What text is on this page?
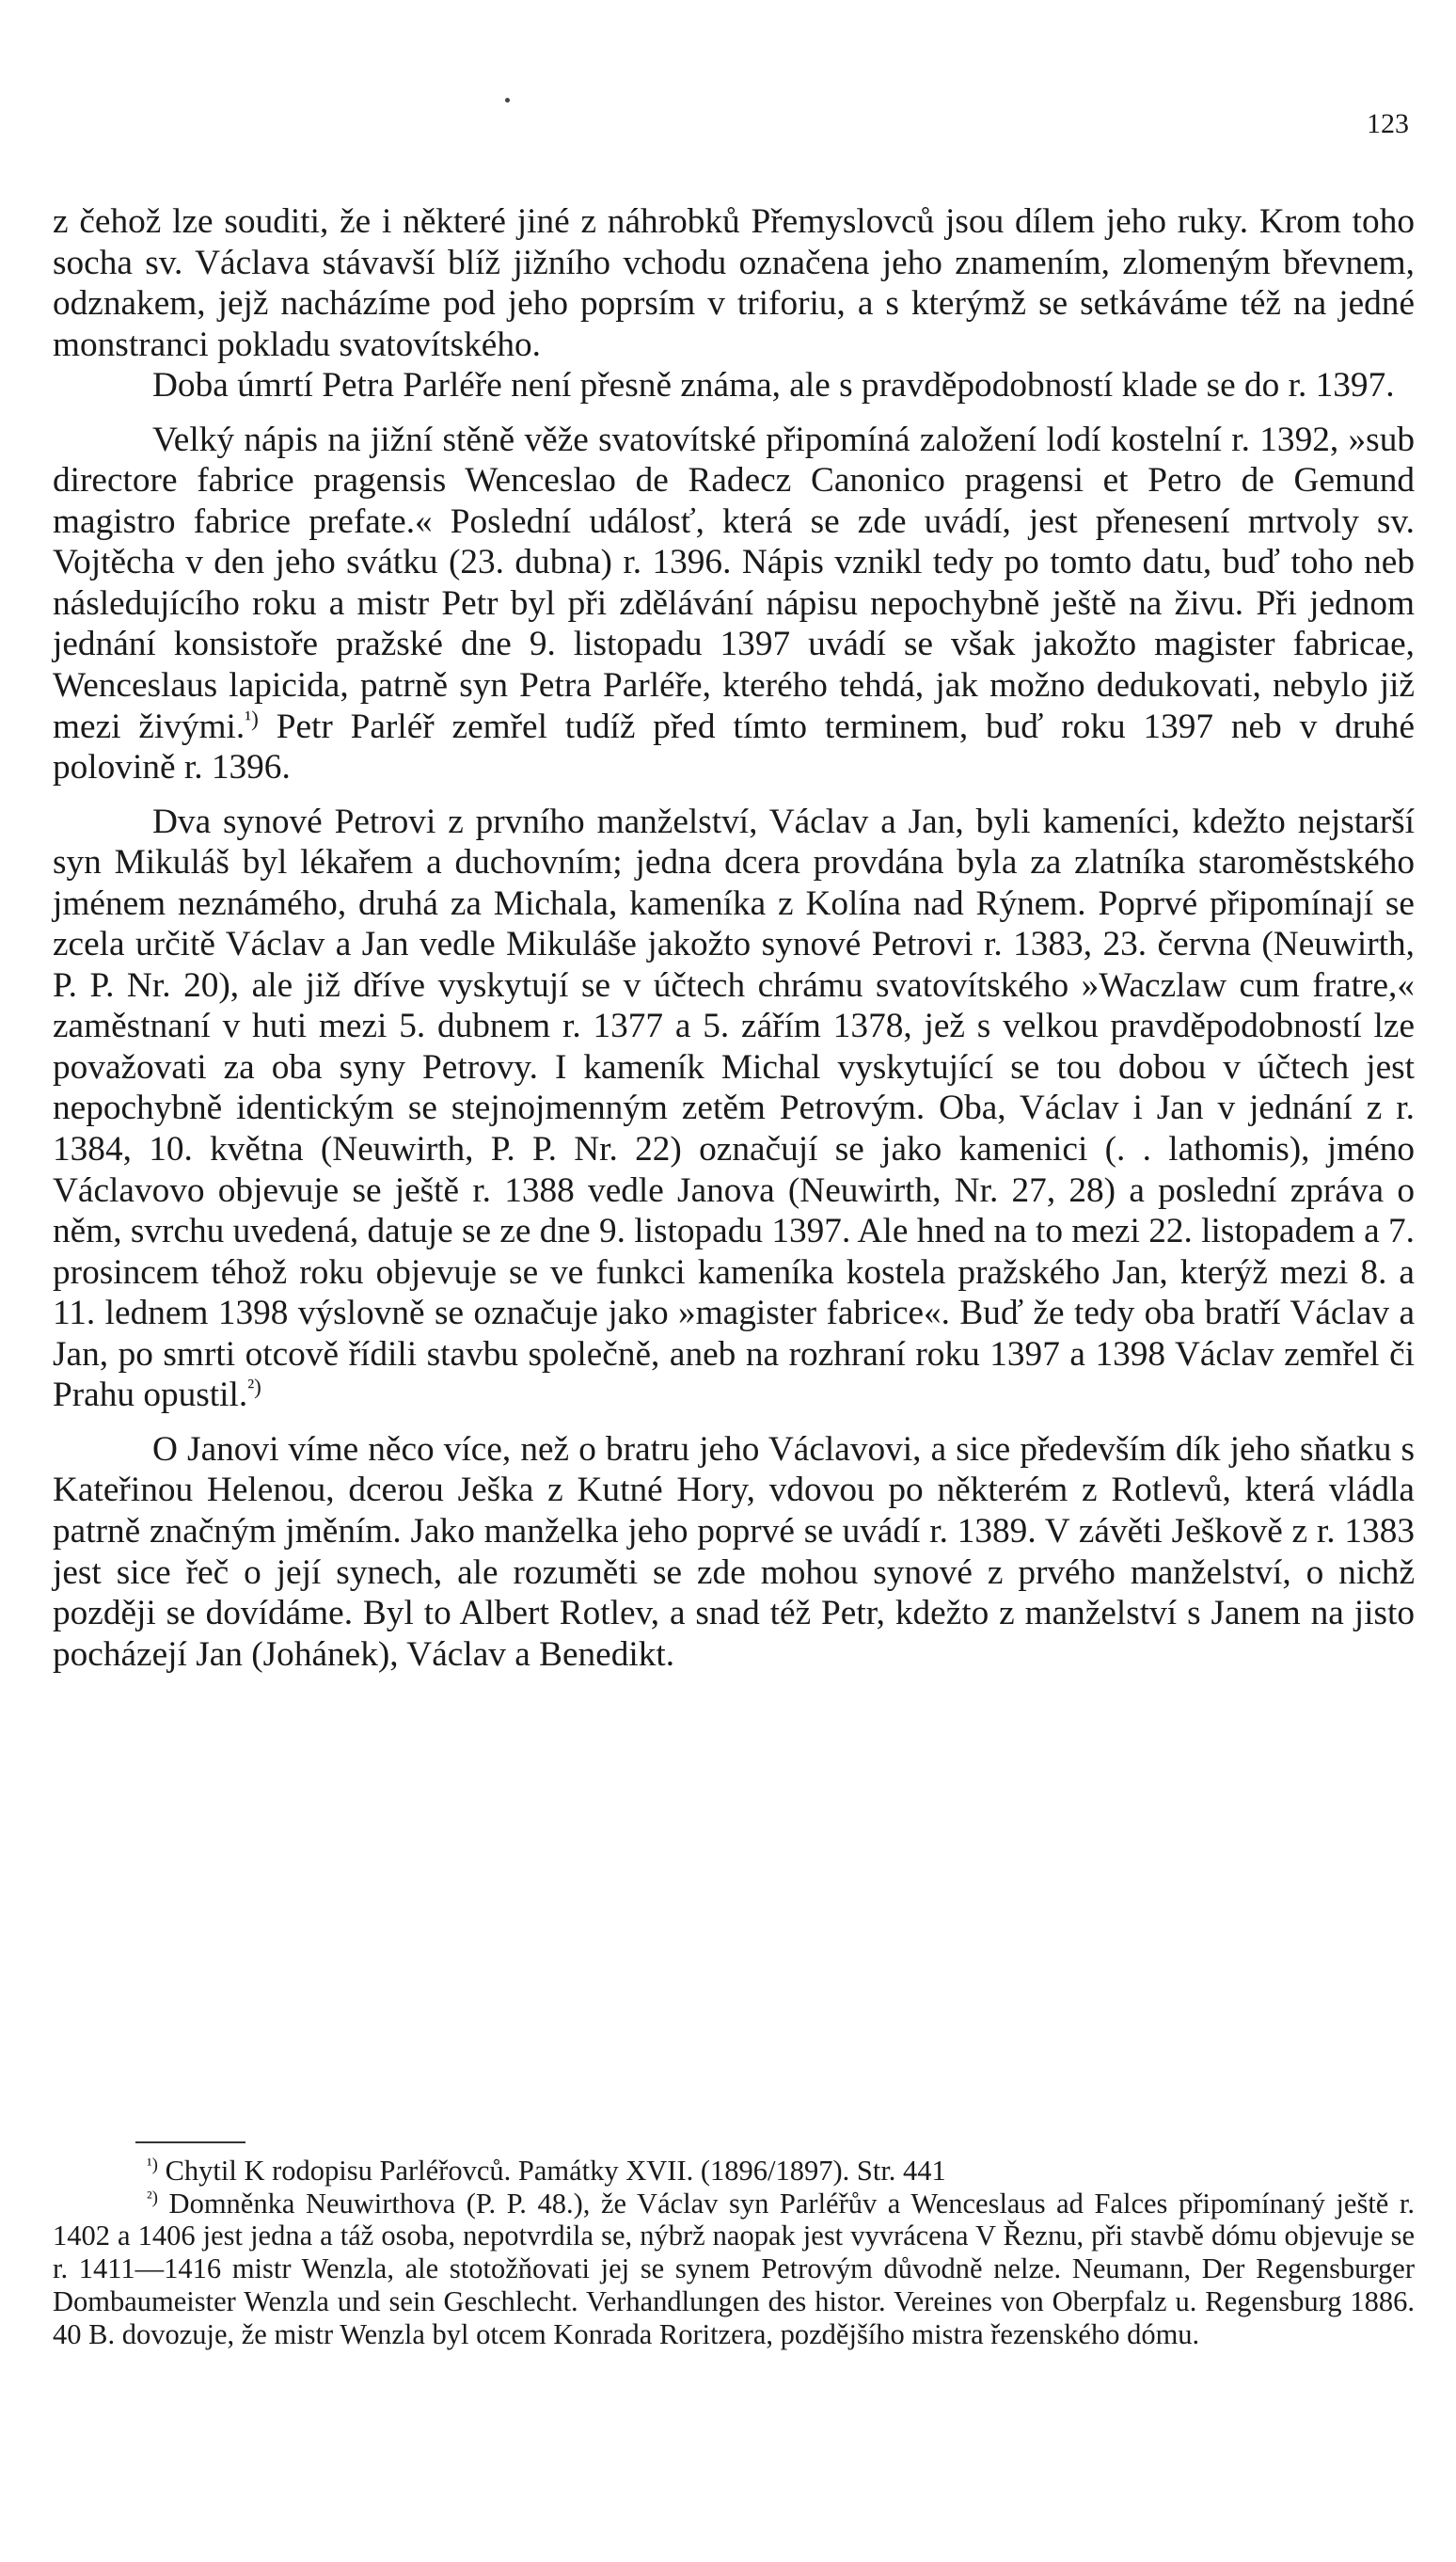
123

z čehož lze souditi, že i některé jiné z náhrobků Přemyslovců jsou dílem jeho ruky. Krom toho socha sv. Václava stávavší blíž jižního vchodu označena jeho znamením, zlomeným břevnem, odznakem, jejž nacházíme pod jeho poprsím v triforiu, a s kterýmž se setkáváme též na jedné monstranci pokladu svatovítského.

Doba úmrtí Petra Parléře není přesně známa, ale s pravděpodobností klade se do r. 1397.

Velký nápis na jižní stěně věže svatovítské připomíná založení lodí kostelní r. 1392, »sub directore fabrice pragensis Wenceslao de Radecz Canonico pragensi et Petro de Gemund magistro fabrice prefate.« Poslední událosť, která se zde uvádí, jest přenesení mrtvoly sv. Vojtěcha v den jeho svátku (23. dubna) r. 1396. Nápis vznikl tedy po tomto datu, buď toho neb následujícího roku a mistr Petr byl při zdělávání nápisu nepochybně ještě na živu. Při jednom jednání konsistoře pražské dne 9. listopadu 1397 uvádí se však jakožto magister fabricae, Wenceslaus lapicida, patrně syn Petra Parléře, kterého tehdá, jak možno dedukovati, nebylo již mezi živými.$^{^1)}$ Petr Parléř zemřel tudíž před tímto terminem, buď roku 1397 neb v druhé polovině r. 1396.

Dva synové Petrovi z prvního manželství, Václav a Jan, byli kameníci, kdežto nejstarší syn Mikuláš byl lékařem a duchovním; jedna dcera provdána byla za zlatníka staroměstského jménem neznámého, druhá za Michala, kameníka z Kolína nad Rýnem. Poprvé připomínají se zcela určitě Václav a Jan vedle Mikuláše jakožto synové Petrovi r. 1383, 23. června (Neuwirth, P. P. Nr. 20), ale již dříve vyskytují se v účtech chrámu svatovítského »Waczlaw cum fratre,« zaměstnaní v huti mezi 5. dubnem r. 1377 a 5. zářím 1378, jež s velkou pravděpodobností lze považovati za oba syny Petrovy. I kameník Michal vyskytující se tou dobou v účtech jest nepochybně identickým se stejnojmenným zetěm Petrovým. Oba, Václav i Jan v jednání z r. 1384, 10. května (Neuwirth, P. P. Nr. 22) označují se jako kamenici (. . lathomis), jméno Václavovo objevuje se ještě r. 1388 vedle Janova (Neuwirth, Nr. 27, 28) a poslední zpráva o něm, svrchu uvedená, datuje se ze dne 9. listopadu 1397. Ale hned na to mezi 22. listopadem a 7. prosincem téhož roku objevuje se ve funkci kameníka kostela pražského Jan, kterýž mezi 8. a 11. lednem 1398 výslovně se označuje jako »magister fabrice«. Buď že tedy oba bratří Václav a Jan, po smrti otcově řídili stavbu společně, aneb na rozhraní roku 1397 a 1398 Václav zemřel či Prahu opustil.$^{^2)}$

O Janovi víme něco více, než o bratru jeho Václavovi, a sice především dík jeho sňatku s Kateřinou Helenou, dcerou Ješka z Kutné Hory, vdovou po některém z Rotlevů, která vládla patrně značným jměním. Jako manželka jeho poprvé se uvádí r. 1389. V závěti Ješkově z r. 1383 jest sice řeč o její synech, ale rozuměti se zde mohou synové z prvého manželství, o nichž později se dovídáme. Byl to Albert Rotlev, a snad též Petr, kdežto z manželství s Janem na jisto pocházejí Jan (Johánek), Václav a Benedikt.

$^{^1)}$ Chytil K rodopisu Parléřovců. Památky XVII. (1896/1897). Str. 441

$^{^2)}$ Domněnka Neuwirthova (P. P. 48.), že Václav syn Parléřův a Wenceslaus ad Falces připomínaný ještě r. 1402 a 1406 jest jedna a táž osoba, nepotvrdila se, nýbrž naopak jest vyvrácena V Řeznu, při stavbě dómu objevuje se r. 1411—1416 mistr Wenzla, ale stotožňovati jej se synem Petrovým důvodně nelze. Neumann, Der Regensburger Dombaumeister Wenzla und sein Geschlecht. Verhandlungen des histor. Vereines von Oberpfalz u. Regensburg 1886. 40 B. dovozuje, že mistr Wenzla byl otcem Konrada Roritzera, pozdějšího mistra řezenského dómu.
